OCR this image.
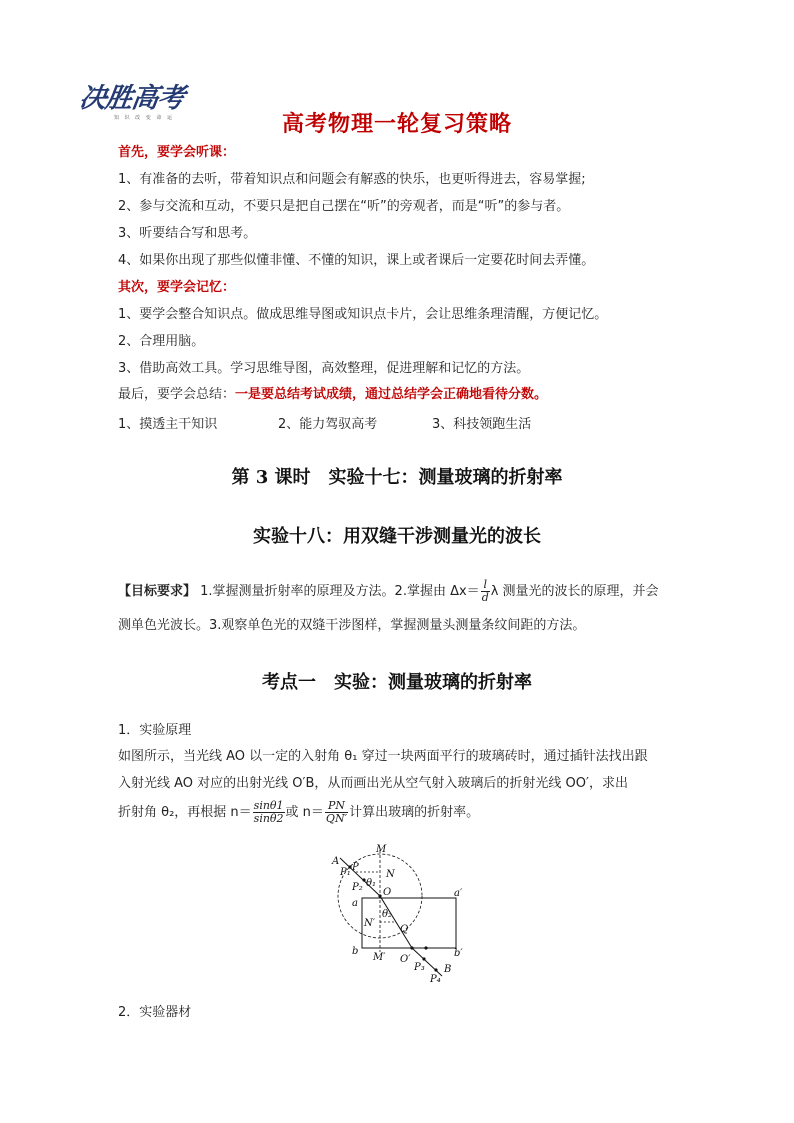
决胜高考
知 识 改 变 命 运	高考物理一轮复习策略
首先，要学会听课：
1、有准备的去听，带着知识点和问题会有解惑的快乐，也更听得进去，容易掌握;
2、参与交流和互动，不要只是把自己摆在“听”的旁观者，而是“听”的参与者。
3、听要结合写和思考。
4、如果你出现了那些似懂非懂、不懂的知识，课上或者课后一定要花时间去弄懂。
其次，要学会记忆：
1、要学会整合知识点。做成思维导图或知识点卡片，会让思维条理清醒，方便记忆。
2、合理用脑。
3、借助高效工具。学习思维导图，高效整理，促进理解和记忆的方法。
最后，要学会总结：一是要总结考试成绩，通过总结学会正确地看待分数。
1、摸透主干知识	2、能力驾驭高考	3、科技领跑生活
第 3 课时　实验十七：测量玻璃的折射率
实验十八：用双缝干涉测量光的波长
【目标要求】 1.掌握测量折射率的原理及方法。2.掌握由 $\Delta x= \frac{l}{d}$ λ 测量光的波长的原理，并会
测单色光波长。3.观察单色光的双缝干涉图样，掌握测量头测量条纹间距的方法。
考点一　实验：测量玻璃的折射率
1．实验原理
如图所示，当光线 AO 以一定的入射角 θ₁ 穿过一块两面平行的玻璃砖时，通过插针法找出跟
入射光线 AO 对应的出射光线 O′B，从而画出光从空气射入玻璃后的折射光线 OO′，求出
折射角 θ₂，再根据 $n= \frac{\sin\theta 1}{\sin\theta 2}$ 或 $n= \frac{PN}{QN'}$ 计算出玻璃的折射率。
A
M
P₁ P
P₂
N
θ₁
O
θ₂
a
a′
N′
Q
b	b′
M′ O′
P₃ B
P₄
2．实验器材
